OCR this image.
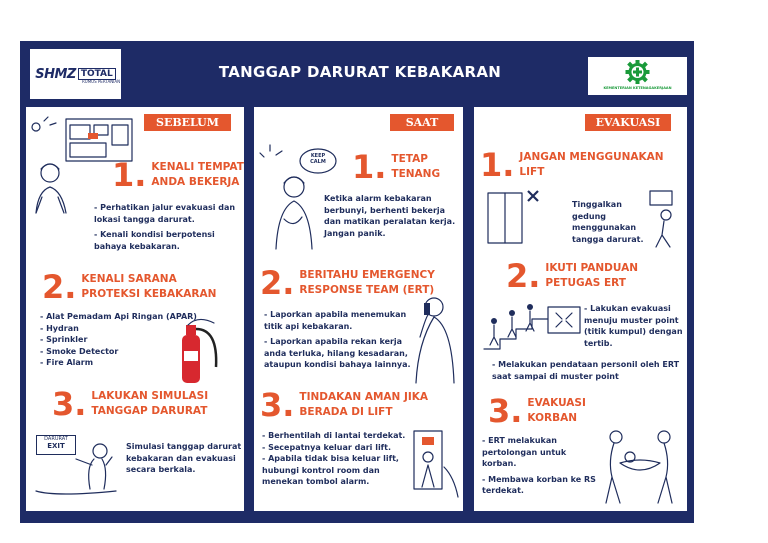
SHMZ TOTAL
RUMUS PERTANIAN
TANGGAP DARURAT KEBAKARAN
KEMENTERIAN KETENAGAKERJAAN
SEBELUM
1. KENALI TEMPAT
ANDA BEKERJA

- Perhatikan jalur evakuasi dan lokasi tangga darurat.

- Kenali kondisi berpotensi bahaya kebakaran.

2. KENALI SARANA
PROTEKSI KEBAKARAN
- Alat Pemadam Api Ringan (APAR)
- Hydran
- Sprinkler
- Smoke Detector
- Fire Alarm
3. LAKUKAN SIMULASI
TANGGAP DARURAT
DARURAT
EXIT	Simulasi tanggap darurat kebakaran dan evakuasi secara berkala.
SAAT
KEEP CALM 1. TETAP
TENANG
Ketika alarm kebakaran berbunyi, berhenti bekerja dan matikan peralatan kerja. Jangan panik.
2. BERITAHU EMERGENCY
RESPONSE TEAM (ERT)

- Laporkan apabila menemukan titik api kebakaran.

- Laporkan apabila rekan kerja anda terluka, hilang kesadaran, ataupun kondisi bahaya lainnya.

3. TINDAKAN AMAN JIKA
BERADA DI LIFT
- Berhentilah di lantai terdekat.
- Secepatnya keluar dari lift.
- Apabila tidak bisa keluar lift, hubungi kontrol room dan menekan tombol alarm.
EVAKUASI
1. JANGAN MENGGUNAKAN
LIFT
Tinggalkan gedung menggunakan tangga darurat.
2. IKUTI PANDUAN
PETUGAS ERT
- Lakukan evakuasi menuju muster point (titik kumpul) dengan tertib.
- Melakukan pendataan personil oleh ERT saat sampai di muster point
3. EVAKUASI
KORBAN

- ERT melakukan pertolongan untuk korban.

- Membawa korban ke RS terdekat.
